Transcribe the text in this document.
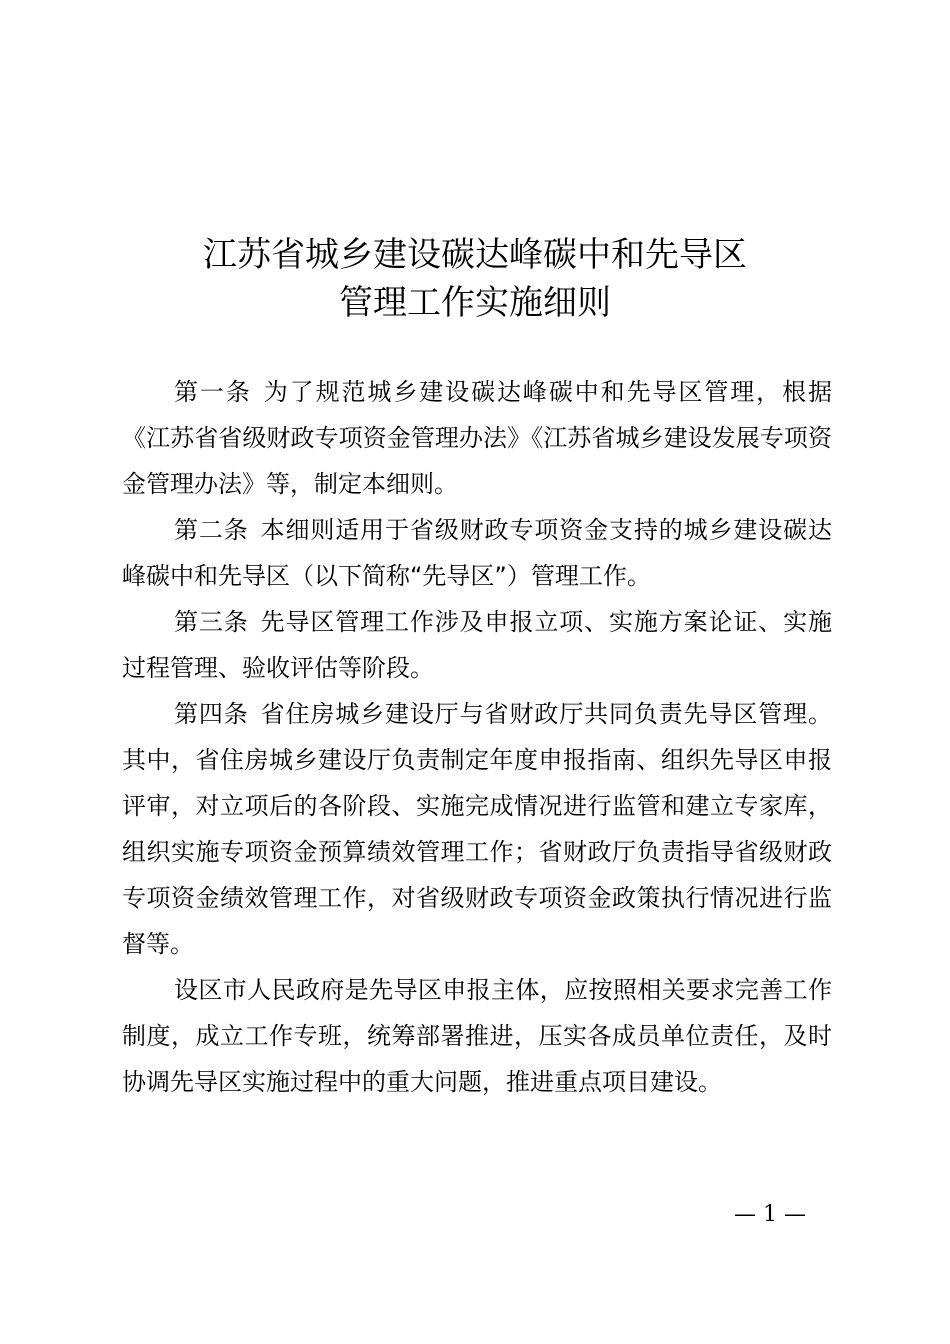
江苏省城乡建设碳达峰碳中和先导区
管理工作实施细则

第一条 为了规范城乡建设碳达峰碳中和先导区管理，根据《江苏省省级财政专项资金管理办法》《江苏省城乡建设发展专项资金管理办法》等，制定本细则。

第二条 本细则适用于省级财政专项资金支持的城乡建设碳达峰碳中和先导区（以下简称“先导区”）管理工作。

第三条 先导区管理工作涉及申报立项、实施方案论证、实施过程管理、验收评估等阶段。

第四条 省住房城乡建设厅与省财政厅共同负责先导区管理。其中，省住房城乡建设厅负责制定年度申报指南、组织先导区申报评审，对立项后的各阶段、实施完成情况进行监管和建立专家库，组织实施专项资金预算绩效管理工作；省财政厅负责指导省级财政专项资金绩效管理工作，对省级财政专项资金政策执行情况进行监督等。

设区市人民政府是先导区申报主体，应按照相关要求完善工作制度，成立工作专班，统筹部署推进，压实各成员单位责任，及时协调先导区实施过程中的重大问题，推进重点项目建设。

— 1 —
